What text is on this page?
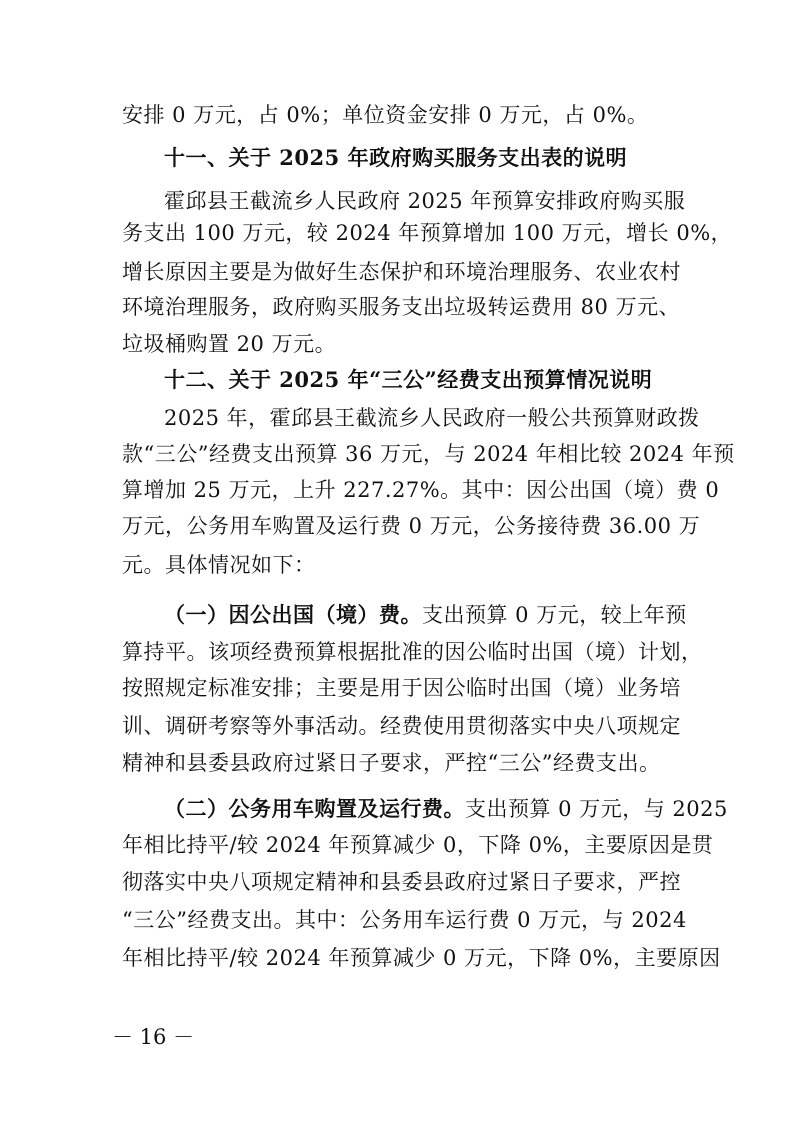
安排 0 万元，占 0%；单位资金安排 0 万元，占 0%。
十一、关于 2025 年政府购买服务支出表的说明
霍邱县王截流乡人民政府 2025 年预算安排政府购买服
务支出 100 万元，较 2024 年预算增加 100 万元，增长 0%，
增长原因主要是为做好生态保护和环境治理服务、农业农村
环境治理服务，政府购买服务支出垃圾转运费用 80 万元、
垃圾桶购置 20 万元。
十二、关于 2025 年“三公”经费支出预算情况说明
2025 年，霍邱县王截流乡人民政府一般公共预算财政拨
款“三公”经费支出预算 36 万元，与 2024 年相比较 2024 年预
算增加 25 万元，上升 227.27%。其中：因公出国（境）费 0
万元，公务用车购置及运行费 0 万元，公务接待费 36.00 万
元。具体情况如下：
（一）因公出国（境）费。支出预算 0 万元，较上年预
算持平。该项经费预算根据批准的因公临时出国（境）计划，
按照规定标准安排；主要是用于因公临时出国（境）业务培
训、调研考察等外事活动。经费使用贯彻落实中央八项规定
精神和县委县政府过紧日子要求，严控“三公”经费支出。
（二）公务用车购置及运行费。支出预算 0 万元，与 2025
年相比持平/较 2024 年预算减少 0，下降 0%，主要原因是贯
彻落实中央八项规定精神和县委县政府过紧日子要求，严控
“三公”经费支出。其中：公务用车运行费 0 万元，与 2024
年相比持平/较 2024 年预算减少 0 万元，下降 0%，主要原因
－ 16 －
